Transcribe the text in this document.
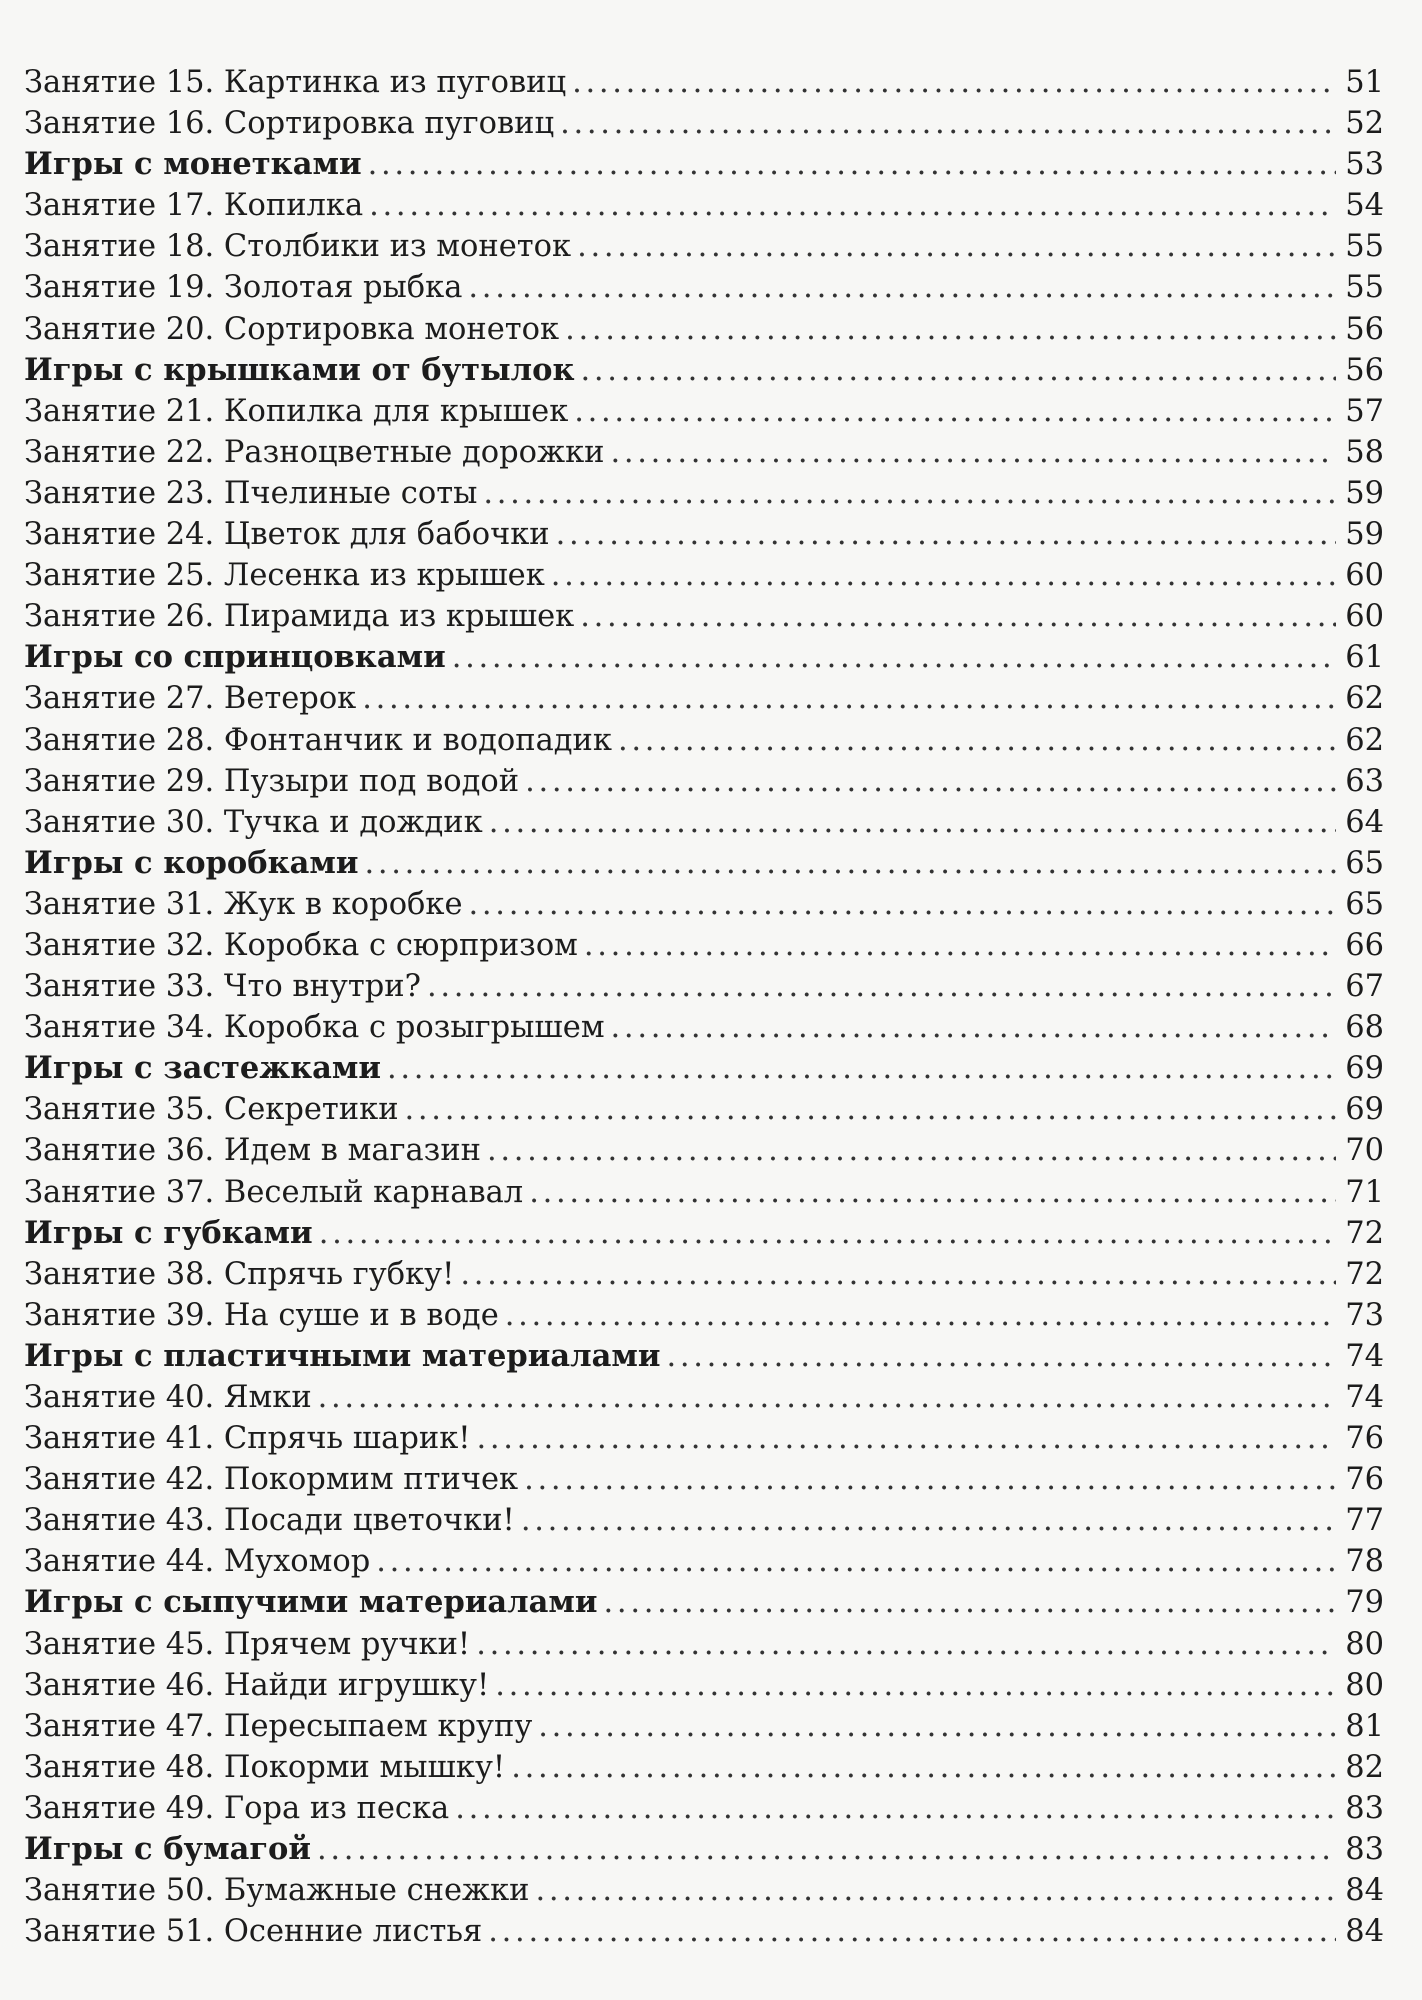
Занятие 15. Картинка из пуговиц . . .	51
Занятие 16. Сортировка пуговиц . . .	52
Игры с монетками . . .	53
Занятие 17. Копилка . . .	54
Занятие 18. Столбики из монеток . . .	55
Занятие 19. Золотая рыбка . . .	55
Занятие 20. Сортировка монеток . . .	56
Игры с крышками от бутылок . . .	56
Занятие 21. Копилка для крышек . . .	57
Занятие 22. Разноцветные дорожки . . .	58
Занятие 23. Пчелиные соты . . .	59
Занятие 24. Цветок для бабочки . . .	59
Занятие 25. Лесенка из крышек . . .	60
Занятие 26. Пирамида из крышек . . .	60
Игры со спринцовками . . .	61
Занятие 27. Ветерок . . .	62
Занятие 28. Фонтанчик и водопадик . . .	62
Занятие 29. Пузыри под водой . . .	63
Занятие 30. Тучка и дождик . . .	64
Игры с коробками . . .	65
Занятие 31. Жук в коробке . . .	65
Занятие 32. Коробка с сюрпризом . . .	66
Занятие 33. Что внутри? . . .	67
Занятие 34. Коробка с розыгрышем . . .	68
Игры с застежками . . .	69
Занятие 35. Секретики . . .	69
Занятие 36. Идем в магазин . . .	70
Занятие 37. Веселый карнавал . . .	71
Игры с губками . . .	72
Занятие 38. Спрячь губку! . . .	72
Занятие 39. На суше и в воде . . .	73
Игры с пластичными материалами . . .	74
Занятие 40. Ямки . . .	74
Занятие 41. Спрячь шарик! . . .	76
Занятие 42. Покормим птичек . . .	76
Занятие 43. Посади цветочки! . . .	77
Занятие 44. Мухомор . . .	78
Игры с сыпучими материалами . . .	79
Занятие 45. Прячем ручки! . . .	80
Занятие 46. Найди игрушку! . . .	80
Занятие 47. Пересыпаем крупу . . .	81
Занятие 48. Покорми мышку! . . .	82
Занятие 49. Гора из песка . . .	83
Игры с бумагой . . .	83
Занятие 50. Бумажные снежки . . .	84
Занятие 51. Осенние листья . . .	84
